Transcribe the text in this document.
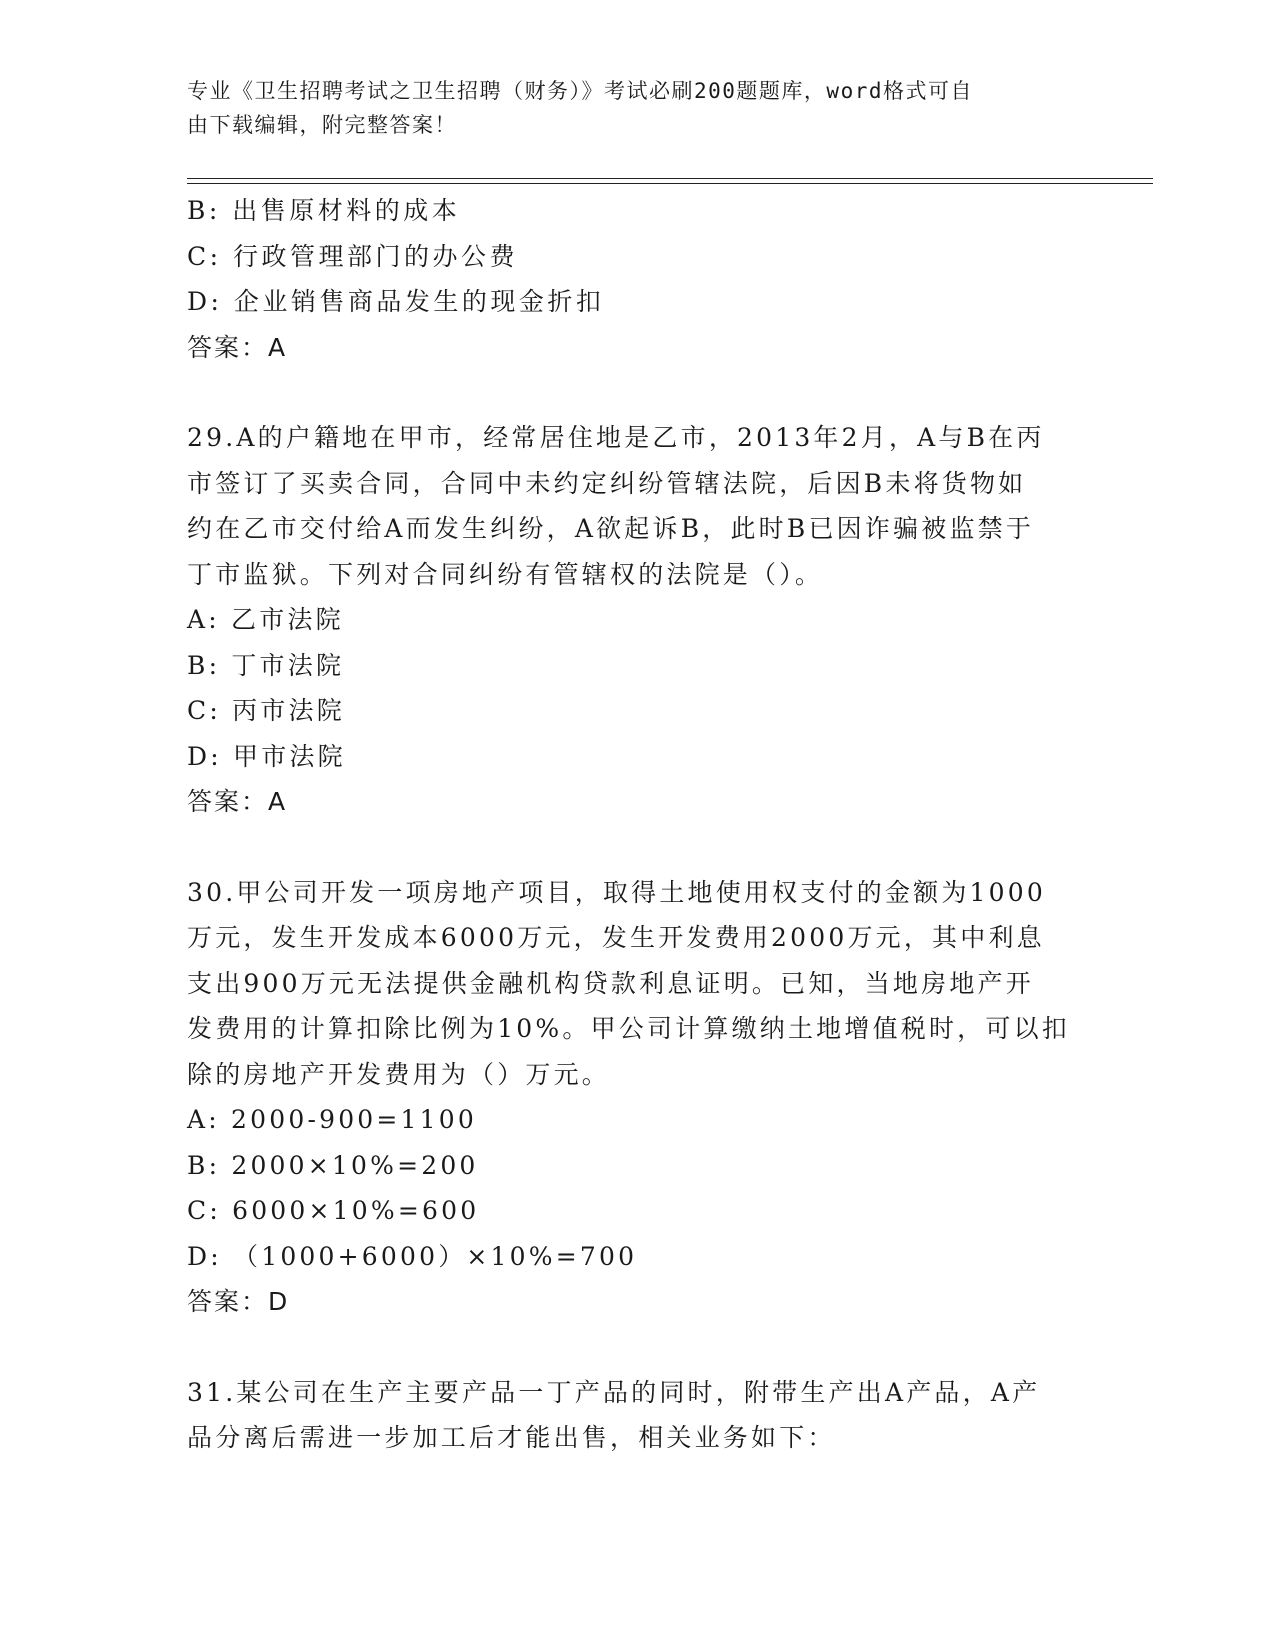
专业《卫生招聘考试之卫生招聘（财务）》考试必刷200题题库，word格式可自
由下载编辑，附完整答案！
B: 出售原材料的成本
C: 行政管理部门的办公费
D: 企业销售商品发生的现金折扣
答案：A
29.A的户籍地在甲市，经常居住地是乙市，2013年2月，A与B在丙
市签订了买卖合同，合同中未约定纠纷管辖法院，后因B未将货物如
约在乙市交付给A而发生纠纷，A欲起诉B，此时B已因诈骗被监禁于
丁市监狱。下列对合同纠纷有管辖权的法院是（）。
A: 乙市法院
B: 丁市法院
C: 丙市法院
D: 甲市法院
答案：A
30.甲公司开发一项房地产项目，取得土地使用权支付的金额为1000
万元，发生开发成本6000万元，发生开发费用2000万元，其中利息
支出900万元无法提供金融机构贷款利息证明。已知，当地房地产开
发费用的计算扣除比例为10%。甲公司计算缴纳土地增值税时，可以扣
除的房地产开发费用为（）万元。
A: 2000-900=1100
B: 2000×10%=200
C: 6000×10%=600
D: （1000+6000）×10%=700
答案：D
31.某公司在生产主要产品一丁产品的同时，附带生产出A产品，A产
品分离后需进一步加工后才能出售，相关业务如下：
